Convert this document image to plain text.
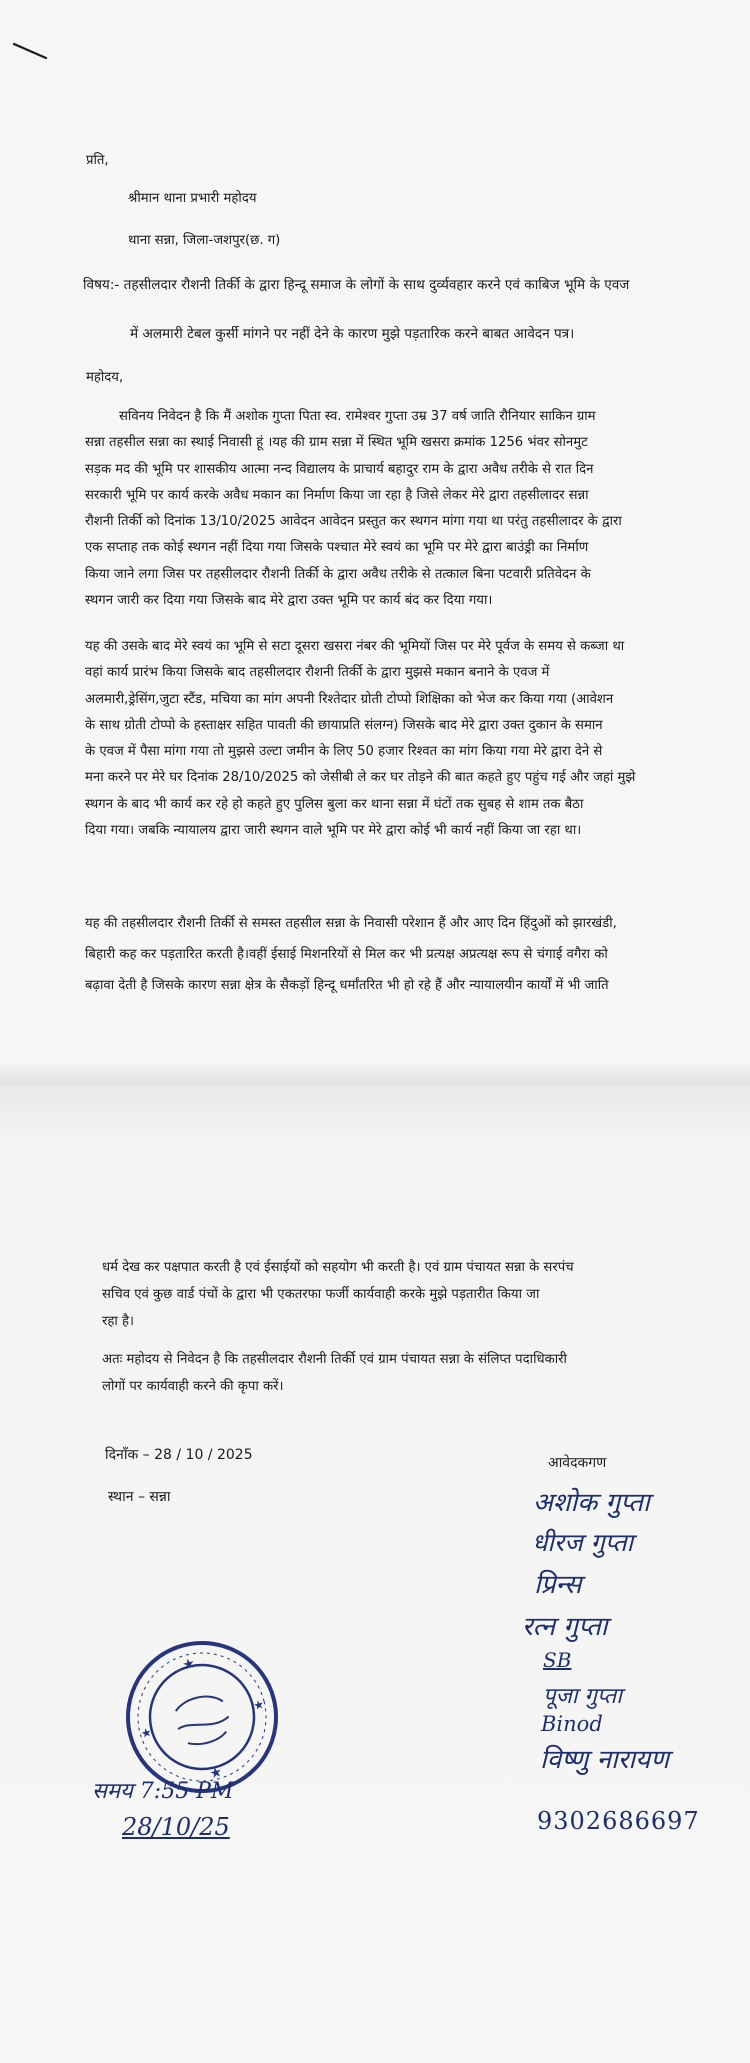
प्रति,
श्रीमान थाना प्रभारी महोदय
थाना सन्ना, जिला-जशपुर(छ. ग)
विषय:- तहसीलदार रौशनी तिर्की के द्वारा हिन्दू समाज के लोगों के साथ दुर्व्यवहार करने एवं काबिज भूमि के एवज
में अलमारी टेबल कुर्सी मांगने पर नहीं देने के कारण मुझे पड़तारिक करने बाबत आवेदन पत्र।
महोदय,

सविनय निवेदन है कि मैं अशोक गुप्ता पिता स्व. रामेश्वर गुप्ता उम्र 37 वर्ष जाति रौनियार साकिन ग्राम

सन्ना तहसील सन्ना का स्थाई निवासी हूं ।यह की ग्राम सन्ना में स्थित भूमि खसरा क्रमांक 1256 भंवर सोनमुट

सड़क मद की भूमि पर शासकीय आत्मा नन्द विद्यालय के प्राचार्य बहादुर राम के द्वारा अवैध तरीके से रात दिन

सरकारी भूमि पर कार्य करके अवैध मकान का निर्माण किया जा रहा है जिसे लेकर मेरे द्वारा तहसीलादर सन्ना

रौशनी तिर्की को दिनांक 13/10/2025 आवेदन आवेदन प्रस्तुत कर स्थगन मांगा गया था परंतु तहसीलादर के द्वारा

एक सप्ताह तक कोई स्थगन नहीं दिया गया जिसके पश्चात मेरे स्वयं का भूमि पर मेरे द्वारा बाउंड्री का निर्माण

किया जाने लगा जिस पर तहसीलदार रौशनी तिर्की के द्वारा अवैध तरीके से तत्काल बिना पटवारी प्रतिवेदन के

स्थगन जारी कर दिया गया जिसके बाद मेरे द्वारा उक्त भूमि पर कार्य बंद कर दिया गया।

यह की उसके बाद मेरे स्वयं का भूमि से सटा दूसरा खसरा नंबर की भूमियों जिस पर मेरे पूर्वज के समय से कब्जा था

वहां कार्य प्रारंभ किया जिसके बाद तहसीलदार रौशनी तिर्की के द्वारा मुझसे मकान बनाने के एवज में

अलमारी,ड्रेसिंग,जुटा स्टैंड, मचिया का मांग अपनी रिश्तेदार ग्रोती टोप्पो शिक्षिका को भेज कर किया गया (आवेशन

के साथ ग्रोती टोप्पो के हस्ताक्षर सहित पावती की छायाप्रति संलग्न) जिसके बाद मेरे द्वारा उक्त दुकान के समान

के एवज में पैसा मांगा गया तो मुझसे उल्टा जमीन के लिए 50 हजार रिश्वत का मांग किया गया मेरे द्वारा देने से

मना करने पर मेरे घर दिनांक 28/10/2025 को जेसीबी ले कर घर तोड़ने की बात कहते हुए पहुंच गई और जहां मुझे

स्थगन के बाद भी कार्य कर रहे हो कहते हुए पुलिस बुला कर थाना सन्ना में घंटों तक सुबह से शाम तक बैठा

दिया गया। जबकि न्यायालय द्वारा जारी स्थगन वाले भूमि पर मेरे द्वारा कोई भी कार्य नहीं किया जा रहा था।

यह की तहसीलदार रौशनी तिर्की से समस्त तहसील सन्ना के निवासी परेशान हैं और आए दिन हिंदुओं को झारखंडी,

बिहारी कह कर पड़तारित करती है।वहीं ईसाई मिशनरियों से मिल कर भी प्रत्यक्ष अप्रत्यक्ष रूप से चंगाई वगैरा को

बढ़ावा देती है जिसके कारण सन्ना क्षेत्र के सैकड़ों हिन्दू धर्मांतरित भी हो रहे हैं और न्यायालयीन कार्यों में भी जाति

धर्म देख कर पक्षपात करती है एवं ईसाईयों को सहयोग भी करती है। एवं ग्राम पंचायत सन्ना के सरपंच

सचिव एवं कुछ वार्ड पंचों के द्वारा भी एकतरफा फर्जी कार्यवाही करके मुझे पड़तारीत किया जा

रहा है।

अतः महोदय से निवेदन है कि तहसीलदार रौशनी तिर्की एवं ग्राम पंचायत सन्ना के संलिप्त पदाधिकारी

लोगों पर कार्यवाही करने की कृपा करें।

दिनाँक – 28 / 10 / 2025
स्थान – सन्ना
आवेदकगण
अशोक गुप्ता
धीरज गुप्ता
प्रिन्स
रत्न गुप्ता
SB
पूजा गुप्ता
Binod
विष्णु नारायण
9302686697
★
★
★
★
समय 7:55 PM
28/10/25
